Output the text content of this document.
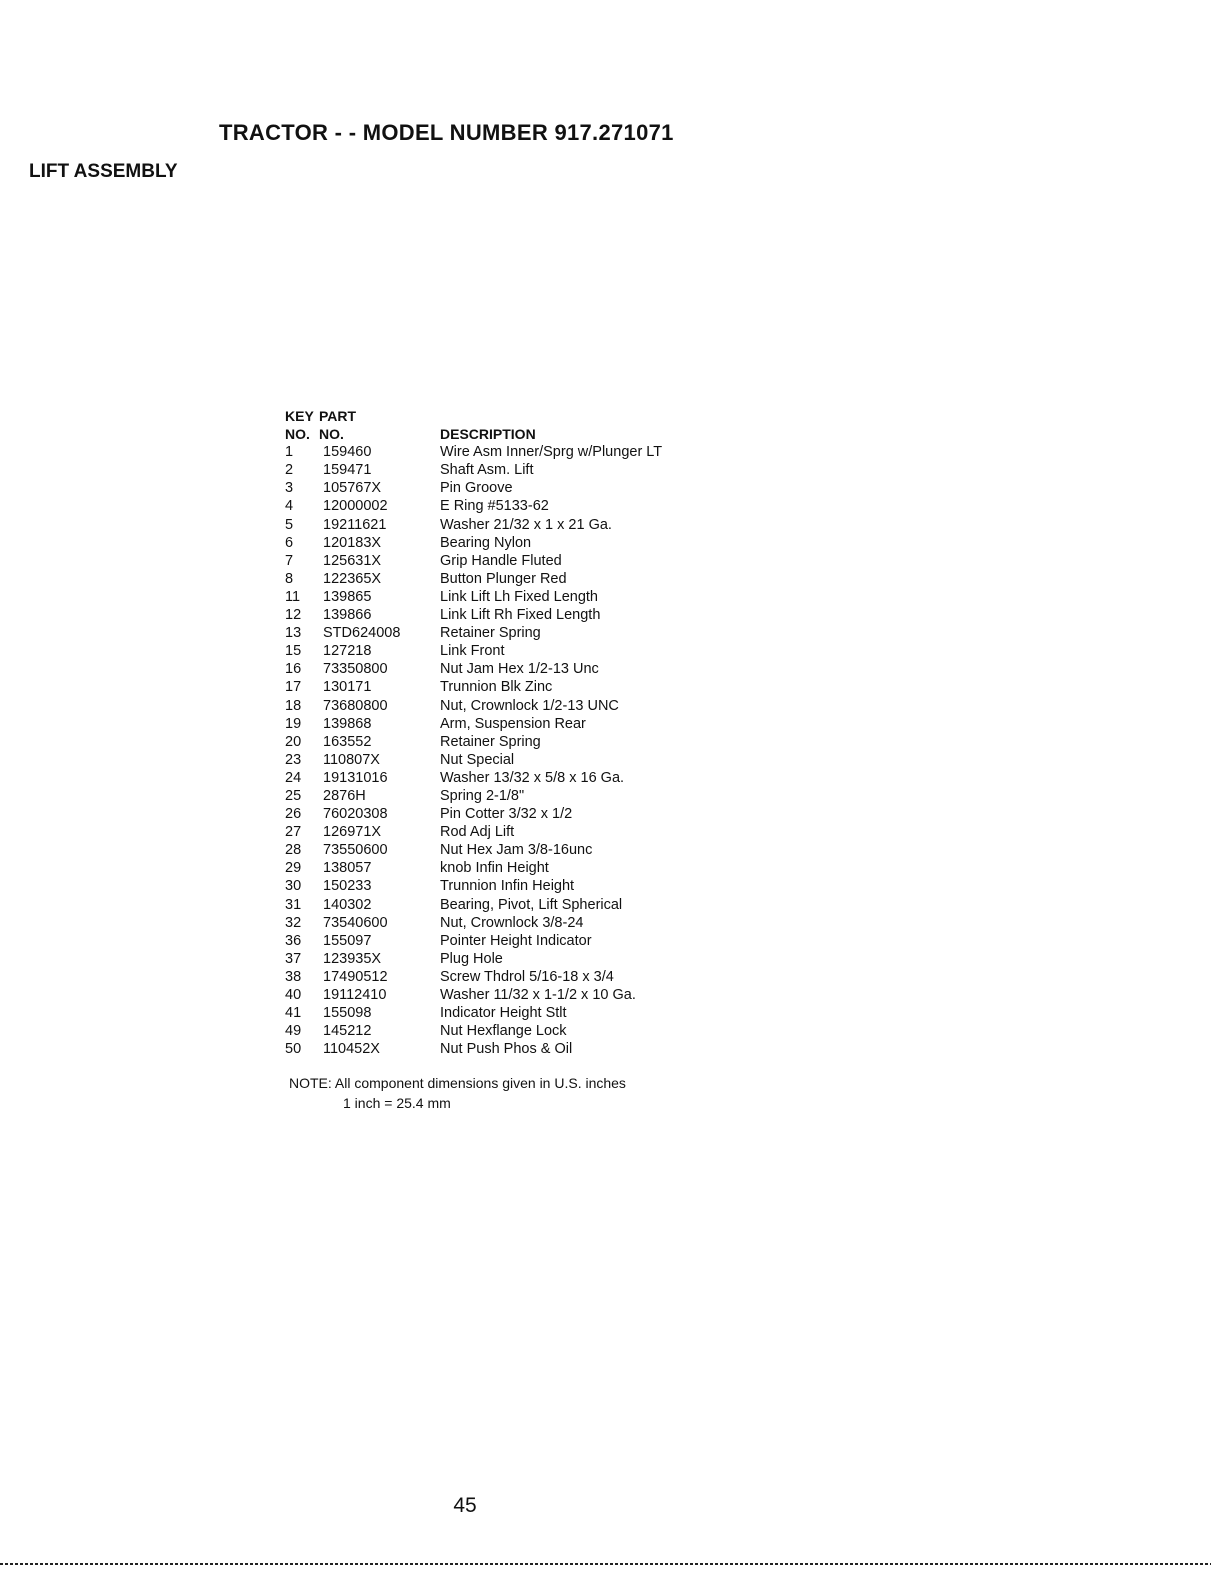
TRACTOR - - MODEL NUMBER 917.271071
LIFT ASSEMBLY
KEY PART
NO. NO.	DESCRIPTION
1	159460	Wire Asm Inner/Sprg w/Plunger LT
2	159471	Shaft Asm. Lift
3	105767X	Pin Groove
4	12000002	E Ring #5133-62
5	19211621	Washer 21/32 x 1 x 21 Ga.
6	120183X	Bearing Nylon
7	125631X	Grip Handle Fluted
8	122365X	Button Plunger Red
11	139865	Link Lift Lh Fixed Length
12	139866	Link Lift Rh Fixed Length
13	STD624008	Retainer Spring
15	127218	Link Front
16	73350800	Nut Jam Hex 1/2-13 Unc
17	130171	Trunnion Blk Zinc
18	73680800	Nut, Crownlock 1/2-13 UNC
19	139868	Arm, Suspension Rear
20	163552	Retainer Spring
23	110807X	Nut Special
24	19131016	Washer 13/32 x 5/8 x 16 Ga.
25	2876H	Spring 2-1/8"
26	76020308	Pin Cotter 3/32 x 1/2
27	126971X	Rod Adj Lift
28	73550600	Nut Hex Jam 3/8-16unc
29	138057	knob Infin Height
30	150233	Trunnion Infin Height
31	140302	Bearing, Pivot, Lift Spherical
32	73540600	Nut, Crownlock 3/8-24
36	155097	Pointer Height Indicator
37	123935X	Plug Hole
38	17490512	Screw Thdrol 5/16-18 x 3/4
40	19112410	Washer 11/32 x 1-1/2 x 10 Ga.
41	155098	Indicator Height Stlt
49	145212	Nut Hexflange Lock
50	110452X	Nut Push Phos & Oil
NOTE: All component dimensions given in U.S. inches
1 inch = 25.4 mm
45
